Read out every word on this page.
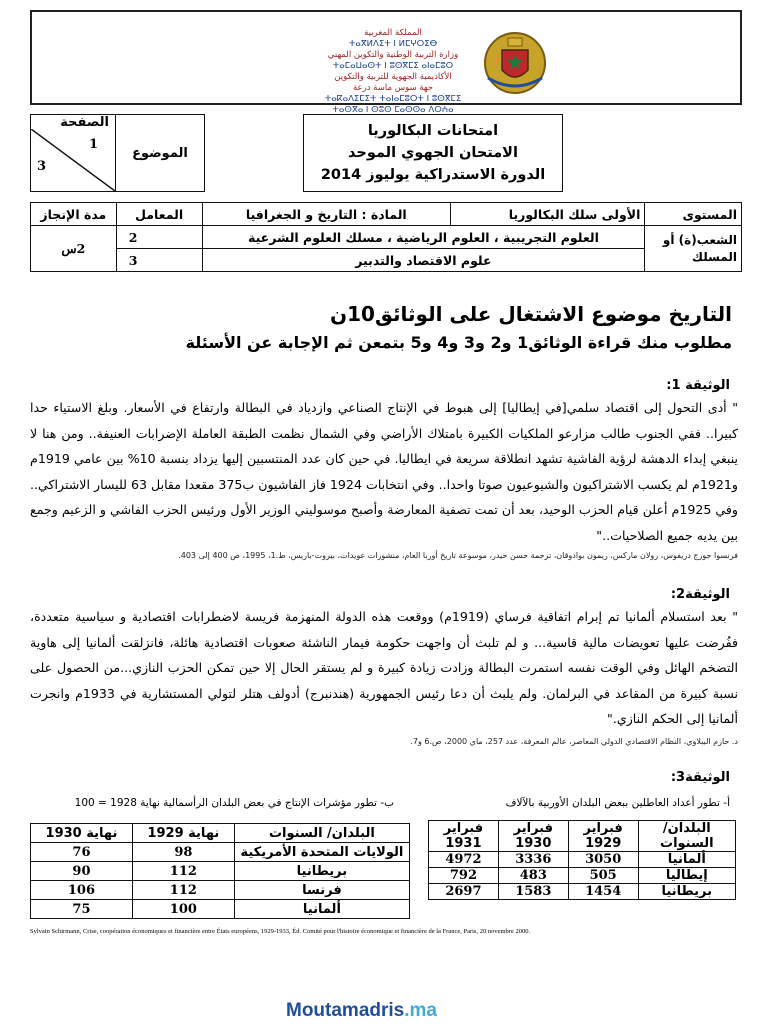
المملكة المغربية
ⵜⴰⴳⵍⴷⵉⵜ ⵏ ⵍⵎⵖⵔⵉⴱ
وزارة التربية الوطنية والتكوين المهني
ⵜⴰⵎⴰⵡⴰⵙⵜ ⵏ ⵓⵙⴳⵎⵉ ⴰⵏⴰⵎⵓⵔ
الأكاديمية الجهوية للتربية والتكوين
جهة سوس ماسة درعة
ⵜⴰⴽⴰⴷⵉⵎⵉⵜ ⵜⴰⵏⴰⵎⵓⵔⵜ ⵏ ⵓⵙⴳⵎⵉ
ⵜⴰⵙⴳⴰ ⵏ ⵙⵓⵙ ⵎⴰⵙⵙⴰ ⴷⵔⵄⴰ
الصفحة
1
3
	الموضوع		
امتحانات البكالوريا
الامتحان الجهوي الموحد
الدورة الاستدراكية يوليوز 2014

مدة الإنجاز	المعامل	المادة : التاريخ و الجغرافيا	الأولى سلك البكالوريا	المستوى
2س	2	العلوم التجريبية ، العلوم الرياضية ، مسلك العلوم الشرعية		الشعب(ة) أو المسلك
	3	علوم الاقتصاد والتدبير		
التاريخ موضوع الاشتغال على الوثائق10ن
مطلوب منك قراءة الوثائق1 و2 و3 و4 و5 بتمعن ثم الإجابة عن الأسئلة
الوثيقة 1:

" أدى التحول إلى اقتصاد سلمي[في إيطاليا] إلى هبوط في الإنتاج الصناعي وازدياد في البطالة وارتفاع في الأسعار. وبلغ الاستياء حدا كبيرا.. ففي الجنوب طالب مزارعو الملكيات الكبيرة بامتلاك الأراضي وفي الشمال نظمت الطبقة العاملة الإضرابات العنيفة.. ومن هنا لا ينبغي إبداء الدهشة لرؤية الفاشية تشهد انطلاقة سريعة في ايطاليا. في حين كان عدد المنتسبين إليها يزداد بنسبة 10% بين عامي 1919م و1921م لم يكسب الاشتراكيون والشيوعيون صوتا واحدا.. وفي انتخابات 1924 فاز الفاشيون ب375 مقعدا مقابل 63 لليسار الاشتراكي.. وفي 1925م أعلن قيام الحزب الوحيد، بعد أن تمت تصفية المعارضة وأصبح موسوليني الوزير الأول ورئيس الحزب الفاشي و الزعيم وجمع بين يديه جميع الصلاحيات.."

فرنسوا جورج دريفوس، رولان ماركس، ريمون بوادوقان، ترجمة حسن حيدر، موسوعة تاريخ أوربا العام، منشورات عويدات، بيروت-باريس، ط.1، 1995، ص 400 إلى 403.
الوثيقة2:

" بعد استسلام ألمانيا تم إبرام اتفاقية فرساي (1919م) ووقعت هذه الدولة المنهزمة فريسة لاضطرابات اقتصادية و سياسية متعددة، ففُرضت عليها تعويضات مالية قاسية... و لم تلبث أن واجهت حكومة فيمار الناشئة صعوبات اقتصادية هائلة، فانزلقت ألمانيا إلى هاوية التضخم الهائل وفي الوقت نفسه استمرت البطالة وزادت زيادة كبيرة و لم يستقر الحال إلا حين تمكن الحزب النازي...من الحصول على نسبة كبيرة من المقاعد في البرلمان. ولم يلبث أن دعا رئيس الجمهورية (هندنبرج) أدولف هتلر لتولي المستشارية في 1933م وانجرت ألمانيا إلى الحكم النازي."

د. حازم الببلاوي، النظام الاقتصادي الدولي المعاصر، عالم المعرفة، عدد 257، ماي 2000، ص.6 و7.
الوثيقة3:
أ- تطور أعداد العاطلين ببعض البلدان الأوربية بالآلاف
ب- تطور مؤشرات الإنتاج في بعض البلدان الرأسمالية نهاية 1928 = 100
البلدان/السنوات	فبراير 1929	فبراير 1930	فبراير 1931
ألمانيا	3050	3336	4972
إيطاليا	505	483	792
بريطانيا	1454	1583	2697
البلدان/ السنوات	نهاية 1929	نهاية 1930
الولايات المتحدة الأمريكية	98	76
بريطانيا	112	90
فرنسا	112	106
ألمانيا	100	75
Sylvain Schirmann, Crise, coopération économiques et financière entre États européens, 1929-1933, Éd. Comité pour l'histoire économique et financière de la France, Paris, 20 novembre 2000.
Moutamadris.ma
